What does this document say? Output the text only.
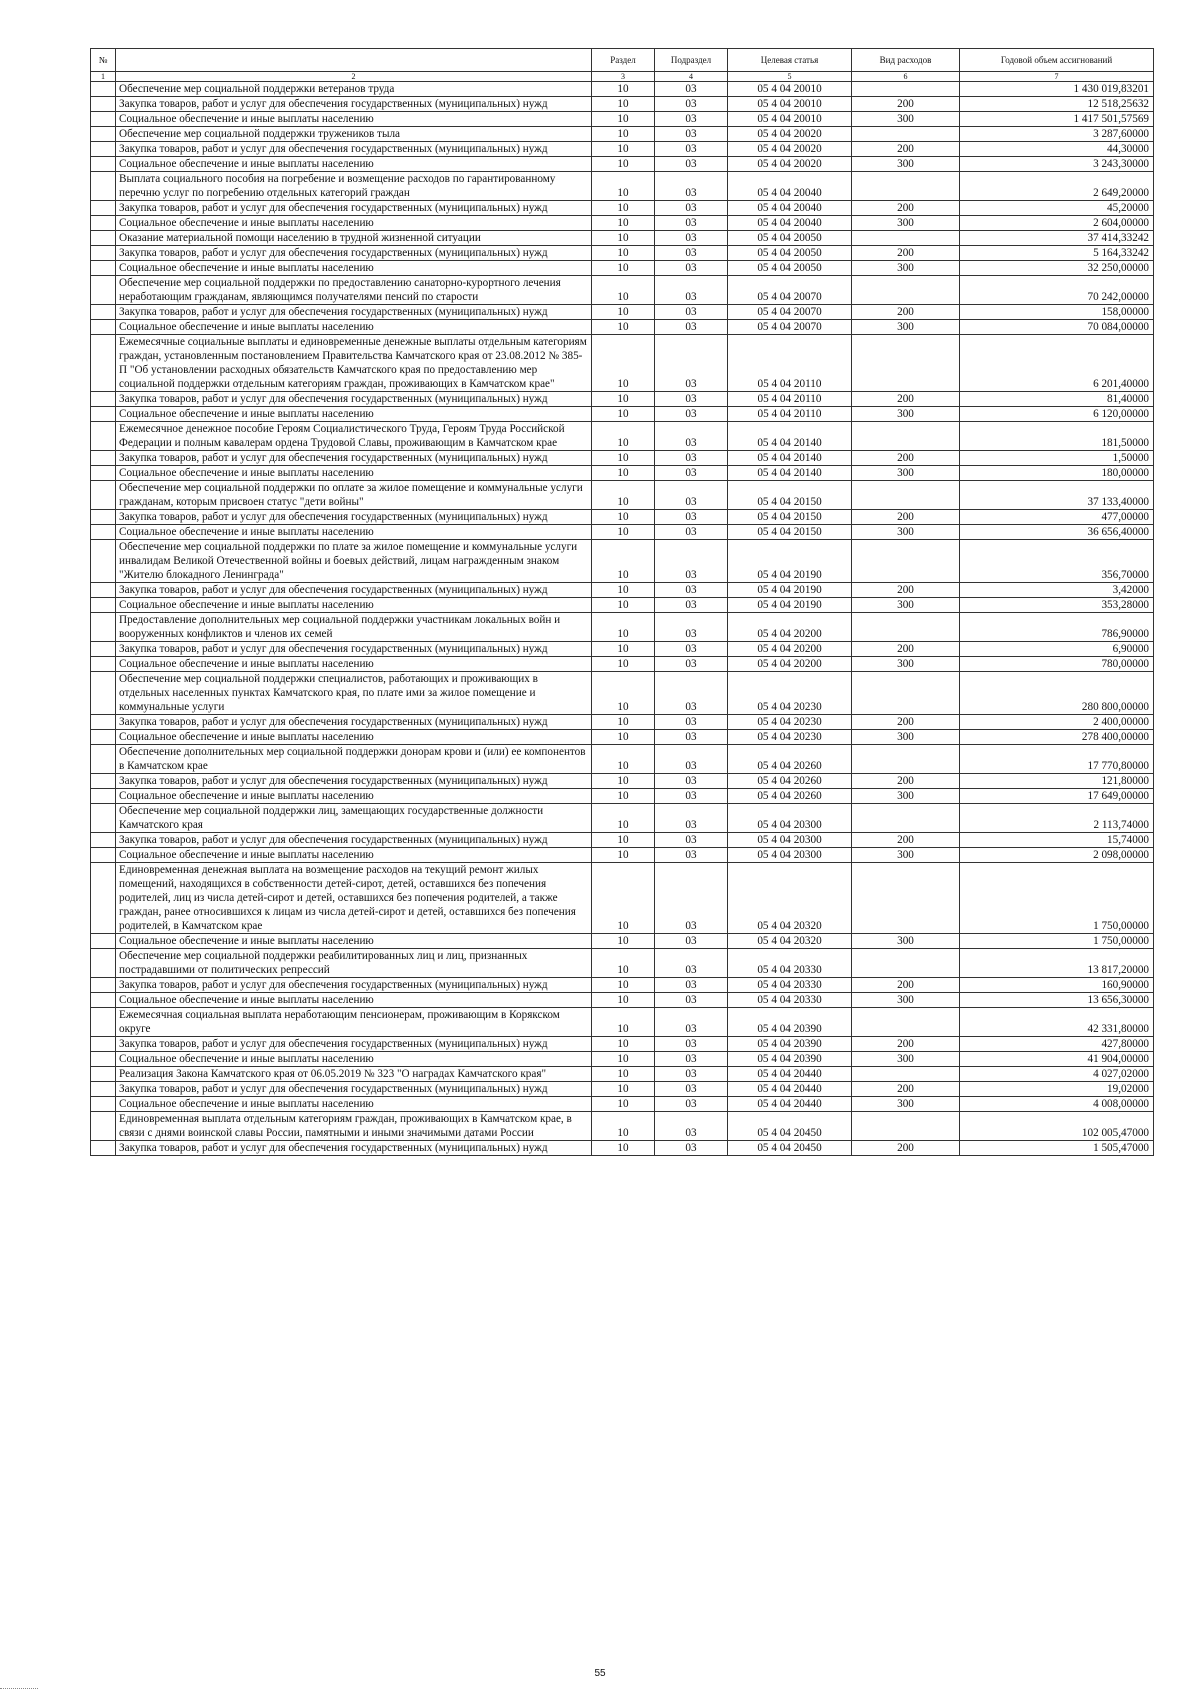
№		Раздел	Подраздел	Целевая статья	Вид расходов	Годовой объем ассигнований
1	2	3	4	5	6	7
	Обеспечение мер социальной поддержки ветеранов труда	10	03	05 4 04 20010		1 430 019,83201
	Закупка товаров, работ и услуг для обеспечения государственных (муниципальных) нужд	10	03	05 4 04 20010	200	12 518,25632
	Социальное обеспечение и иные выплаты населению	10	03	05 4 04 20010	300	1 417 501,57569
	Обеспечение мер социальной поддержки тружеников тыла	10	03	05 4 04 20020		3 287,60000
	Закупка товаров, работ и услуг для обеспечения государственных (муниципальных) нужд	10	03	05 4 04 20020	200	44,30000
	Социальное обеспечение и иные выплаты населению	10	03	05 4 04 20020	300	3 243,30000
	Выплата социального пособия на погребение и возмещение расходов по гарантированному перечню услуг по погребению отдельных категорий граждан	10	03	05 4 04 20040		2 649,20000
	Закупка товаров, работ и услуг для обеспечения государственных (муниципальных) нужд	10	03	05 4 04 20040	200	45,20000
	Социальное обеспечение и иные выплаты населению	10	03	05 4 04 20040	300	2 604,00000
	Оказание материальной помощи населению в трудной жизненной ситуации	10	03	05 4 04 20050		37 414,33242
	Закупка товаров, работ и услуг для обеспечения государственных (муниципальных) нужд	10	03	05 4 04 20050	200	5 164,33242
	Социальное обеспечение и иные выплаты населению	10	03	05 4 04 20050	300	32 250,00000
	Обеспечение мер социальной поддержки по предоставлению санаторно-курортного лечения неработающим гражданам, являющимся получателями пенсий по старости	10	03	05 4 04 20070		70 242,00000
	Закупка товаров, работ и услуг для обеспечения государственных (муниципальных) нужд	10	03	05 4 04 20070	200	158,00000
	Социальное обеспечение и иные выплаты населению	10	03	05 4 04 20070	300	70 084,00000
	Ежемесячные социальные выплаты и единовременные денежные выплаты отдельным категориям граждан, установленным постановлением Правительства Камчатского края от 23.08.2012 № 385-П "Об установлении расходных обязательств Камчатского края по предоставлению мер социальной поддержки отдельным категориям граждан, проживающих в Камчатском крае"	10	03	05 4 04 20110		6 201,40000
	Закупка товаров, работ и услуг для обеспечения государственных (муниципальных) нужд	10	03	05 4 04 20110	200	81,40000
	Социальное обеспечение и иные выплаты населению	10	03	05 4 04 20110	300	6 120,00000
	Ежемесячное денежное пособие Героям Социалистического Труда, Героям Труда Российской Федерации и полным кавалерам ордена Трудовой Славы, проживающим в Камчатском крае	10	03	05 4 04 20140		181,50000
	Закупка товаров, работ и услуг для обеспечения государственных (муниципальных) нужд	10	03	05 4 04 20140	200	1,50000
	Социальное обеспечение и иные выплаты населению	10	03	05 4 04 20140	300	180,00000
	Обеспечение мер социальной поддержки по оплате за жилое помещение и коммунальные услуги гражданам, которым присвоен статус "дети войны"	10	03	05 4 04 20150		37 133,40000
	Закупка товаров, работ и услуг для обеспечения государственных (муниципальных) нужд	10	03	05 4 04 20150	200	477,00000
	Социальное обеспечение и иные выплаты населению	10	03	05 4 04 20150	300	36 656,40000
	Обеспечение мер социальной поддержки по плате за жилое помещение и коммунальные услуги инвалидам Великой Отечественной войны и боевых действий, лицам награжденным знаком "Жителю блокадного Ленинграда"	10	03	05 4 04 20190		356,70000
	Закупка товаров, работ и услуг для обеспечения государственных (муниципальных) нужд	10	03	05 4 04 20190	200	3,42000
	Социальное обеспечение и иные выплаты населению	10	03	05 4 04 20190	300	353,28000
	Предоставление дополнительных мер социальной поддержки участникам локальных войн и вооруженных конфликтов и членов их семей	10	03	05 4 04 20200		786,90000
	Закупка товаров, работ и услуг для обеспечения государственных (муниципальных) нужд	10	03	05 4 04 20200	200	6,90000
	Социальное обеспечение и иные выплаты населению	10	03	05 4 04 20200	300	780,00000
	Обеспечение мер социальной поддержки специалистов, работающих и проживающих в отдельных населенных пунктах Камчатского края, по плате ими за жилое помещение и коммунальные услуги	10	03	05 4 04 20230		280 800,00000
	Закупка товаров, работ и услуг для обеспечения государственных (муниципальных) нужд	10	03	05 4 04 20230	200	2 400,00000
	Социальное обеспечение и иные выплаты населению	10	03	05 4 04 20230	300	278 400,00000
	Обеспечение дополнительных мер социальной поддержки донорам крови и (или) ее компонентов в Камчатском крае	10	03	05 4 04 20260		17 770,80000
	Закупка товаров, работ и услуг для обеспечения государственных (муниципальных) нужд	10	03	05 4 04 20260	200	121,80000
	Социальное обеспечение и иные выплаты населению	10	03	05 4 04 20260	300	17 649,00000
	Обеспечение мер социальной поддержки лиц, замещающих государственные должности Камчатского края	10	03	05 4 04 20300		2 113,74000
	Закупка товаров, работ и услуг для обеспечения государственных (муниципальных) нужд	10	03	05 4 04 20300	200	15,74000
	Социальное обеспечение и иные выплаты населению	10	03	05 4 04 20300	300	2 098,00000
	Единовременная денежная выплата на возмещение расходов на текущий ремонт жилых помещений, находящихся в собственности детей-сирот, детей, оставшихся без попечения родителей, лиц из числа детей-сирот и детей, оставшихся без попечения родителей, а также граждан, ранее относившихся к лицам из числа детей-сирот и детей, оставшихся без попечения родителей, в Камчатском крае	10	03	05 4 04 20320		1 750,00000
	Социальное обеспечение и иные выплаты населению	10	03	05 4 04 20320	300	1 750,00000
	Обеспечение мер социальной поддержки реабилитированных лиц и лиц, признанных пострадавшими от политических репрессий	10	03	05 4 04 20330		13 817,20000
	Закупка товаров, работ и услуг для обеспечения государственных (муниципальных) нужд	10	03	05 4 04 20330	200	160,90000
	Социальное обеспечение и иные выплаты населению	10	03	05 4 04 20330	300	13 656,30000
	Ежемесячная социальная выплата неработающим пенсионерам, проживающим в Корякском округе	10	03	05 4 04 20390		42 331,80000
	Закупка товаров, работ и услуг для обеспечения государственных (муниципальных) нужд	10	03	05 4 04 20390	200	427,80000
	Социальное обеспечение и иные выплаты населению	10	03	05 4 04 20390	300	41 904,00000
	Реализация Закона Камчатского края от 06.05.2019 № 323 "О наградах Камчатского края"	10	03	05 4 04 20440		4 027,02000
	Закупка товаров, работ и услуг для обеспечения государственных (муниципальных) нужд	10	03	05 4 04 20440	200	19,02000
	Социальное обеспечение и иные выплаты населению	10	03	05 4 04 20440	300	4 008,00000
	Единовременная выплата отдельным категориям граждан, проживающих в Камчатском крае, в связи с днями воинской славы России, памятными и иными значимыми датами России	10	03	05 4 04 20450		102 005,47000
	Закупка товаров, работ и услуг для обеспечения государственных (муниципальных) нужд	10	03	05 4 04 20450	200	1 505,47000
55
